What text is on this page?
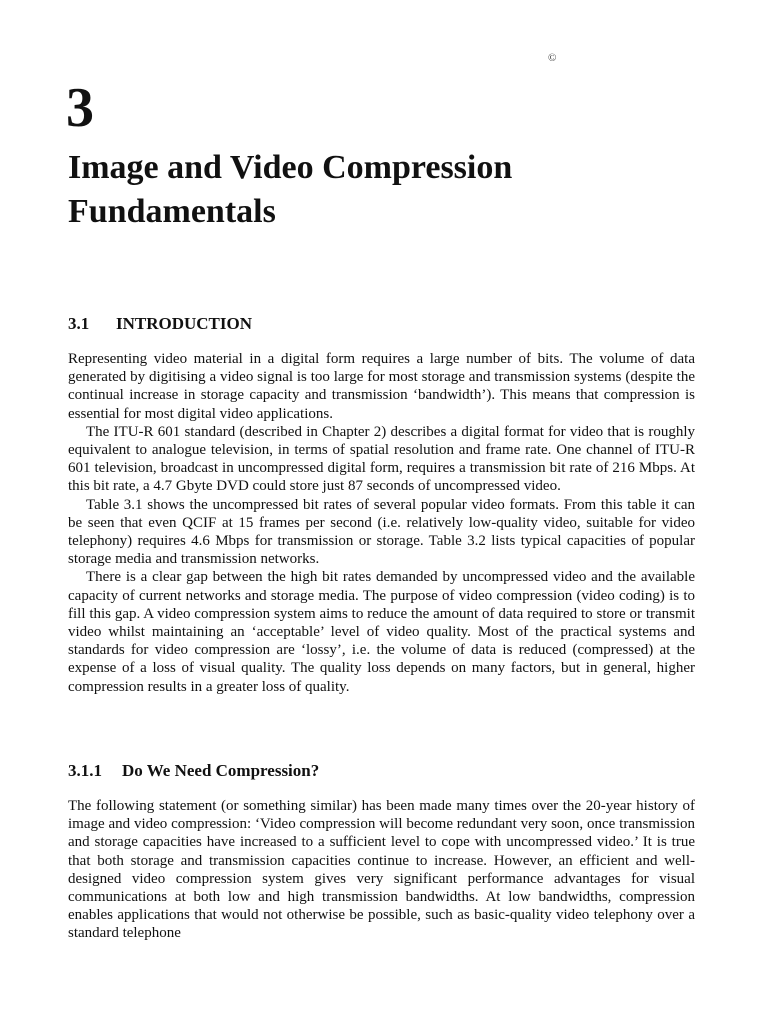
©
3
Image and Video Compression
Fundamentals
3.1 INTRODUCTION

Representing video material in a digital form requires a large number of bits. The volume of data generated by digitising a video signal is too large for most storage and transmission systems (despite the continual increase in storage capacity and transmission ‘bandwidth’). This means that compression is essential for most digital video applications.

The ITU-R 601 standard (described in Chapter 2) describes a digital format for video that is roughly equivalent to analogue television, in terms of spatial resolution and frame rate. One channel of ITU-R 601 television, broadcast in uncompressed digital form, requires a transmission bit rate of 216 Mbps. At this bit rate, a 4.7 Gbyte DVD could store just 87 seconds of uncompressed video.

Table 3.1 shows the uncompressed bit rates of several popular video formats. From this table it can be seen that even QCIF at 15 frames per second (i.e. relatively low-quality video, suitable for video telephony) requires 4.6 Mbps for transmission or storage. Table 3.2 lists typical capacities of popular storage media and transmission networks.

There is a clear gap between the high bit rates demanded by uncompressed video and the available capacity of current networks and storage media. The purpose of video compression (video coding) is to fill this gap. A video compression system aims to reduce the amount of data required to store or transmit video whilst maintaining an ‘acceptable’ level of video quality. Most of the practical systems and standards for video compression are ‘lossy’, i.e. the volume of data is reduced (compressed) at the expense of a loss of visual quality. The quality loss depends on many factors, but in general, higher compression results in a greater loss of quality.

3.1.1 Do We Need Compression?

The following statement (or something similar) has been made many times over the 20-year history of image and video compression: ‘Video compression will become redundant very soon, once transmission and storage capacities have increased to a sufficient level to cope with uncompressed video.’ It is true that both storage and transmission capacities continue to increase. However, an efficient and well-designed video compression system gives very significant performance advantages for visual communications at both low and high transmission bandwidths. At low bandwidths, compression enables applications that would not otherwise be possible, such as basic-quality video telephony over a standard telephone
